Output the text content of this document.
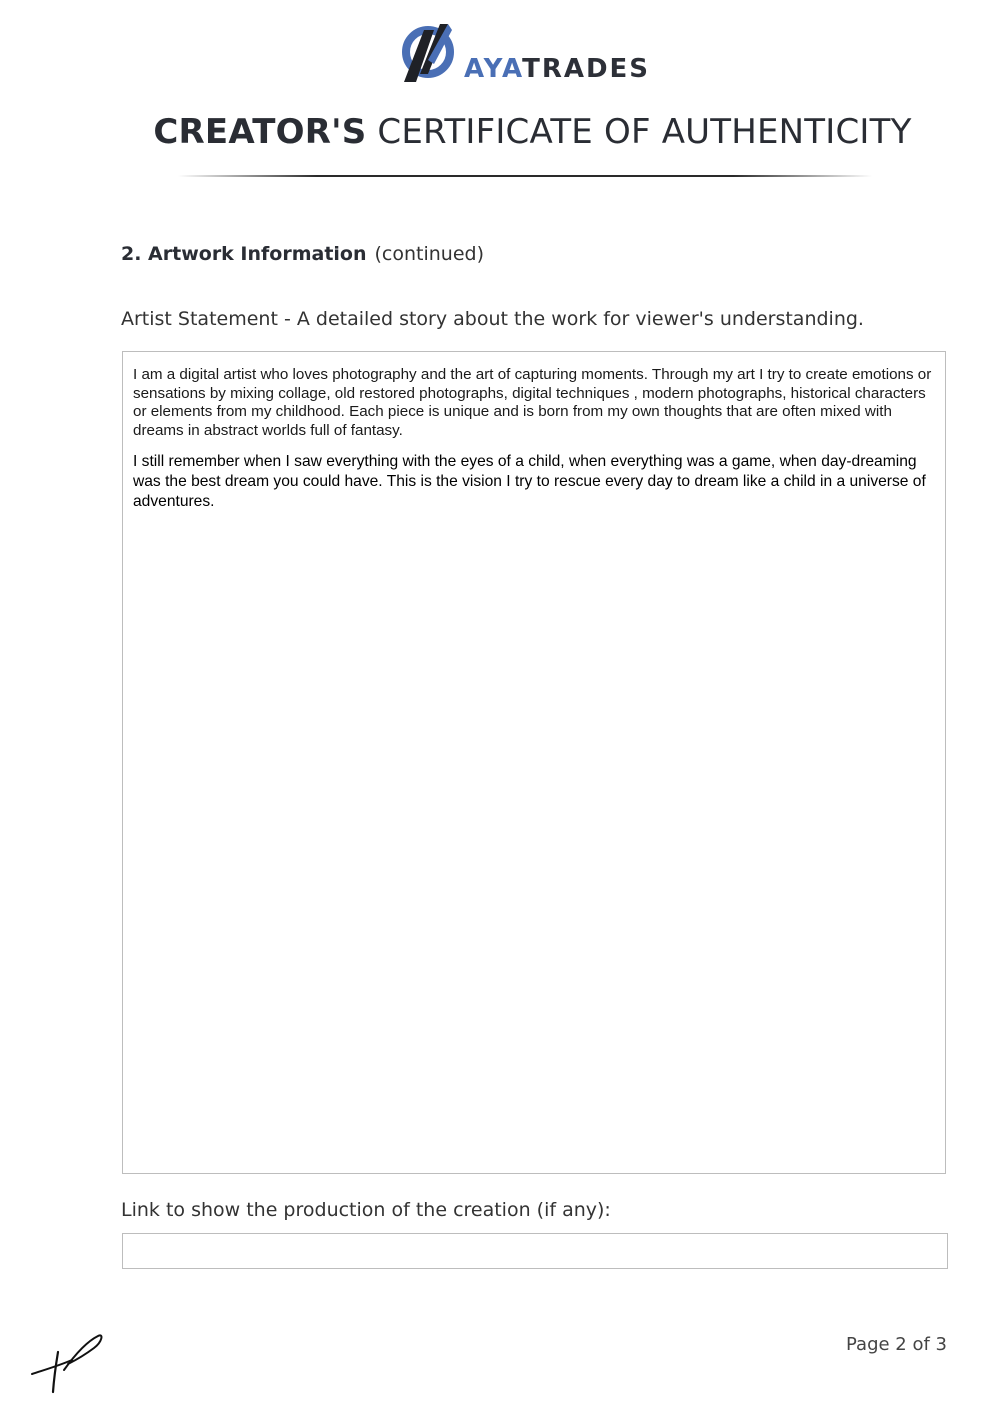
AYATRADES
CREATOR'S CERTIFICATE OF AUTHENTICITY
2. Artwork Information (continued)
Artist Statement - A detailed story about the work for viewer's understanding.

I am a digital artist who loves photography and the art of capturing moments. Through my art I try to create emotions or sensations by mixing collage, old restored photographs, digital techniques , modern photographs, historical characters or elements from my childhood. Each piece is unique and is born from my own thoughts that are often mixed with dreams in abstract worlds full of fantasy.

I still remember when I saw everything with the eyes of a child, when everything was a game, when day-dreaming was the best dream you could have. This is the vision I try to rescue every day to dream like a child in a universe of adventures.

Link to show the production of the creation (if any):
Page 2 of 3
